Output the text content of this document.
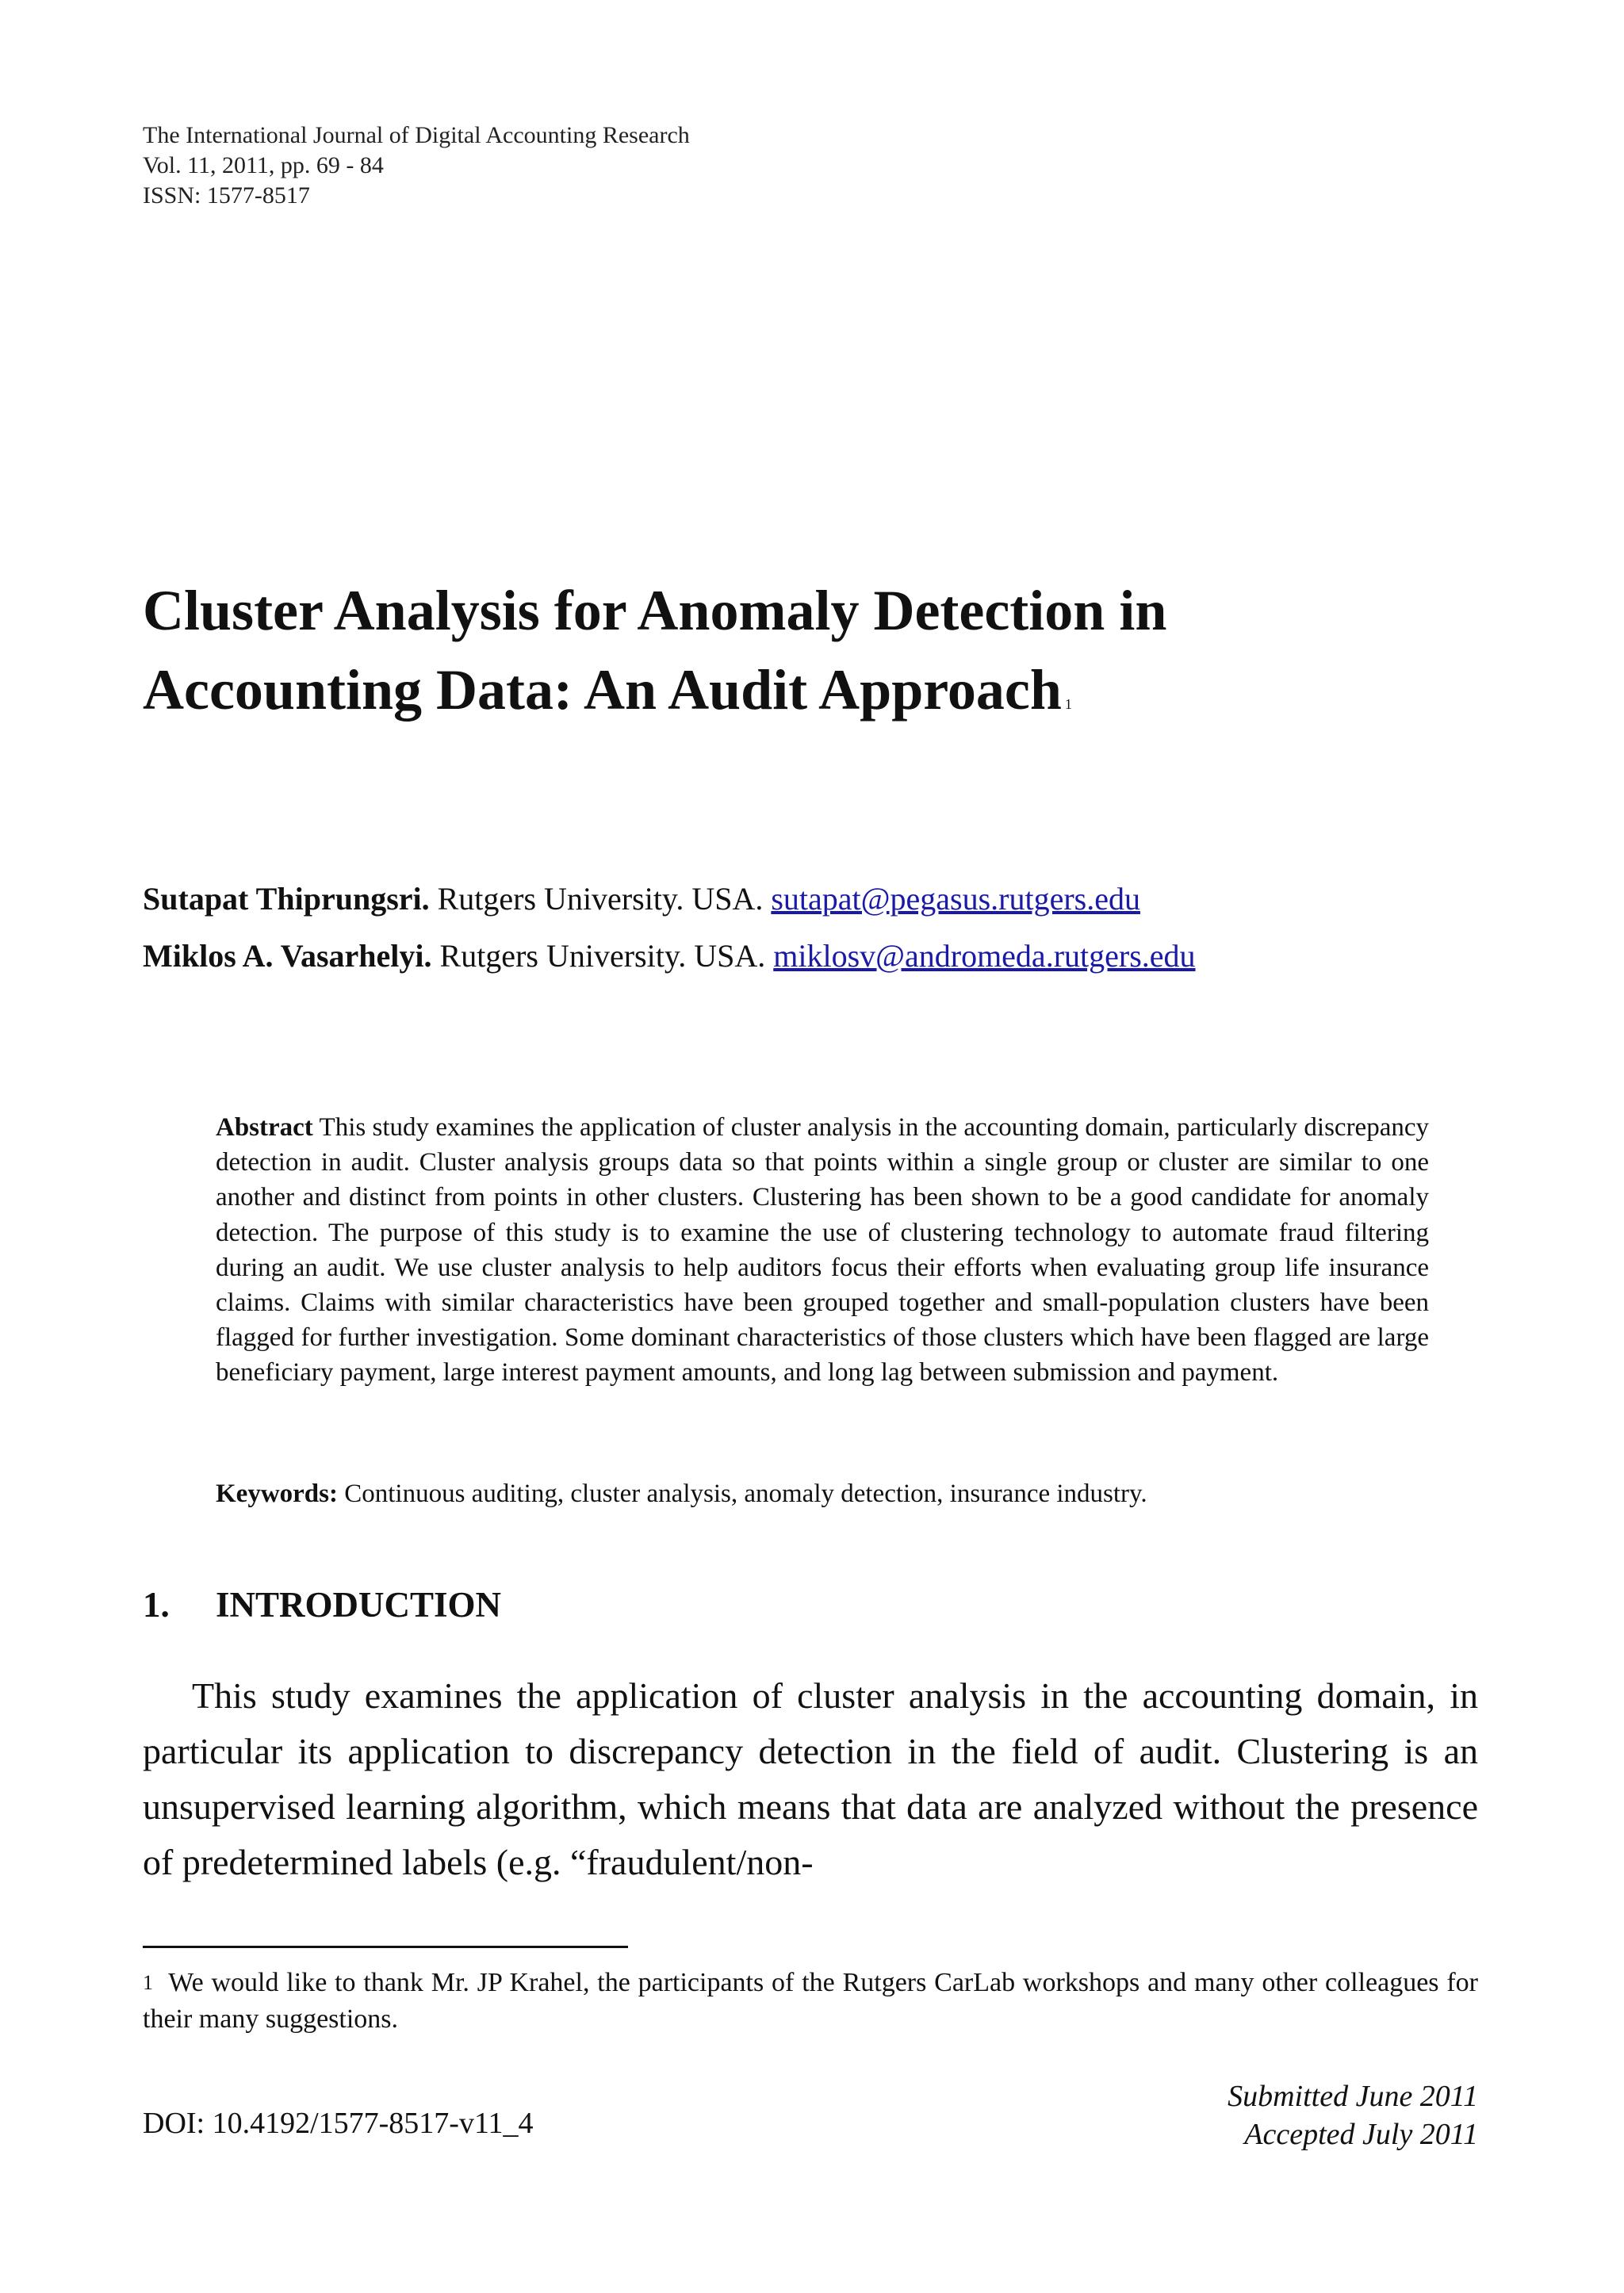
The International Journal of Digital Accounting Research
Vol. 11, 2011, pp. 69 - 84
ISSN: 1577-8517
Cluster Analysis for Anomaly Detection in
Accounting Data: An Audit Approach $^1$
Sutapat Thiprungsri. Rutgers University. USA. sutapat@pegasus.rutgers.edu
Miklos A. Vasarhelyi. Rutgers University. USA. miklosv@andromeda.rutgers.edu
Abstract This study examines the application of cluster analysis in the accounting domain, particularly discrepancy detection in audit. Cluster analysis groups data so that points within a single group or cluster are similar to one another and distinct from points in other clusters. Clustering has been shown to be a good candidate for anomaly detection. The purpose of this study is to examine the use of clustering technology to automate fraud filtering during an audit. We use cluster analysis to help auditors focus their efforts when evaluating group life insurance claims. Claims with similar characteristics have been grouped together and small-population clusters have been flagged for further investigation. Some dominant characteristics of those clusters which have been flagged are large beneficiary payment, large interest payment amounts, and long lag between submission and payment.
Keywords: Continuous auditing, cluster analysis, anomaly detection, insurance industry.
1. INTRODUCTION
This study examines the application of cluster analysis in the accounting domain, in particular its application to discrepancy detection in the field of audit. Clustering is an unsupervised learning algorithm, which means that data are analyzed without the presence of predetermined labels (e.g. “fraudulent/non-
$^1$ We would like to thank Mr. JP Krahel, the participants of the Rutgers CarLab workshops and many other colleagues for their many suggestions.
Submitted June 2011
Accepted July 2011
DOI: 10.4192/1577-8517-v11_4
